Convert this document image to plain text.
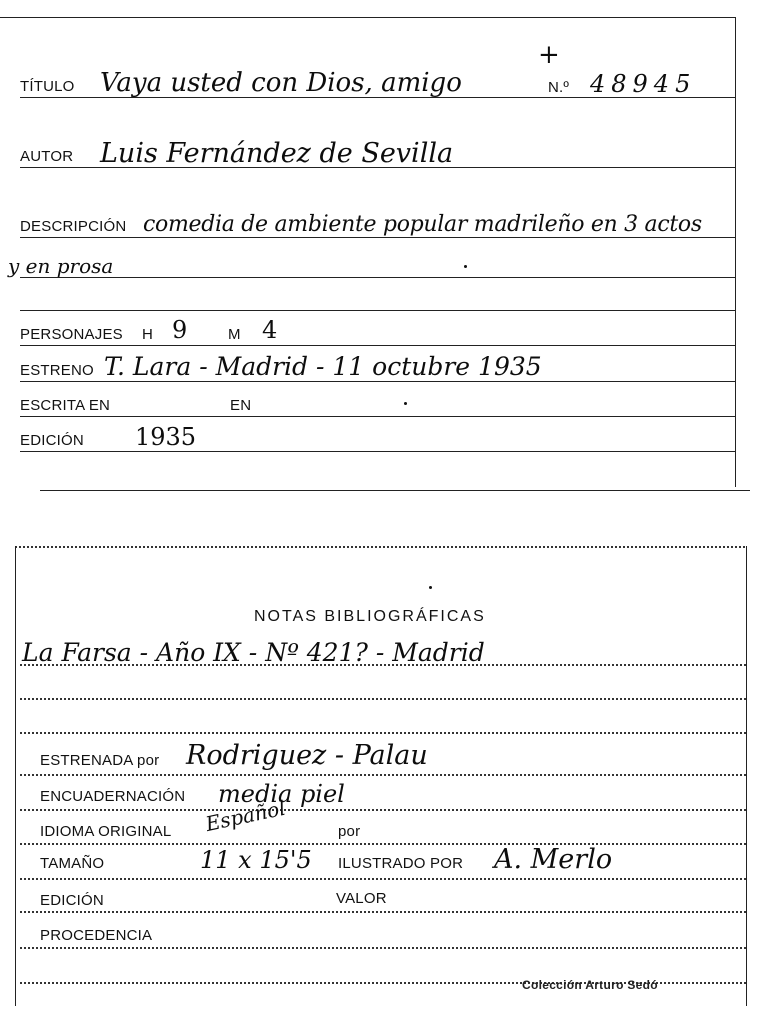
TÍTULO Vaya usted con Dios, amigo
+
N.º 48945
AUTOR Luis Fernández de Sevilla
DESCRIPCIÓN comedia de ambiente popular madrileño en 3 actos
y en prosa
PERSONAJES H 9	M 4
ESTRENO T. Lara - Madrid - 11 octubre 1935
ESCRITA EN	EN
EDICIÓN 1935
NOTAS BIBLIOGRÁFICAS
La Farsa - Año IX - Nº 421? - Madrid
ESTRENADA por Rodriguez - Palau
ENCUADERNACIÓN media piel
IDIOMA ORIGINAL Español	por
TAMAÑO	11 x 15'5 ILUSTRADO POR A. Merlo
EDICIÓN	VALOR
PROCEDENCIA
Colección Arturo Sedó
